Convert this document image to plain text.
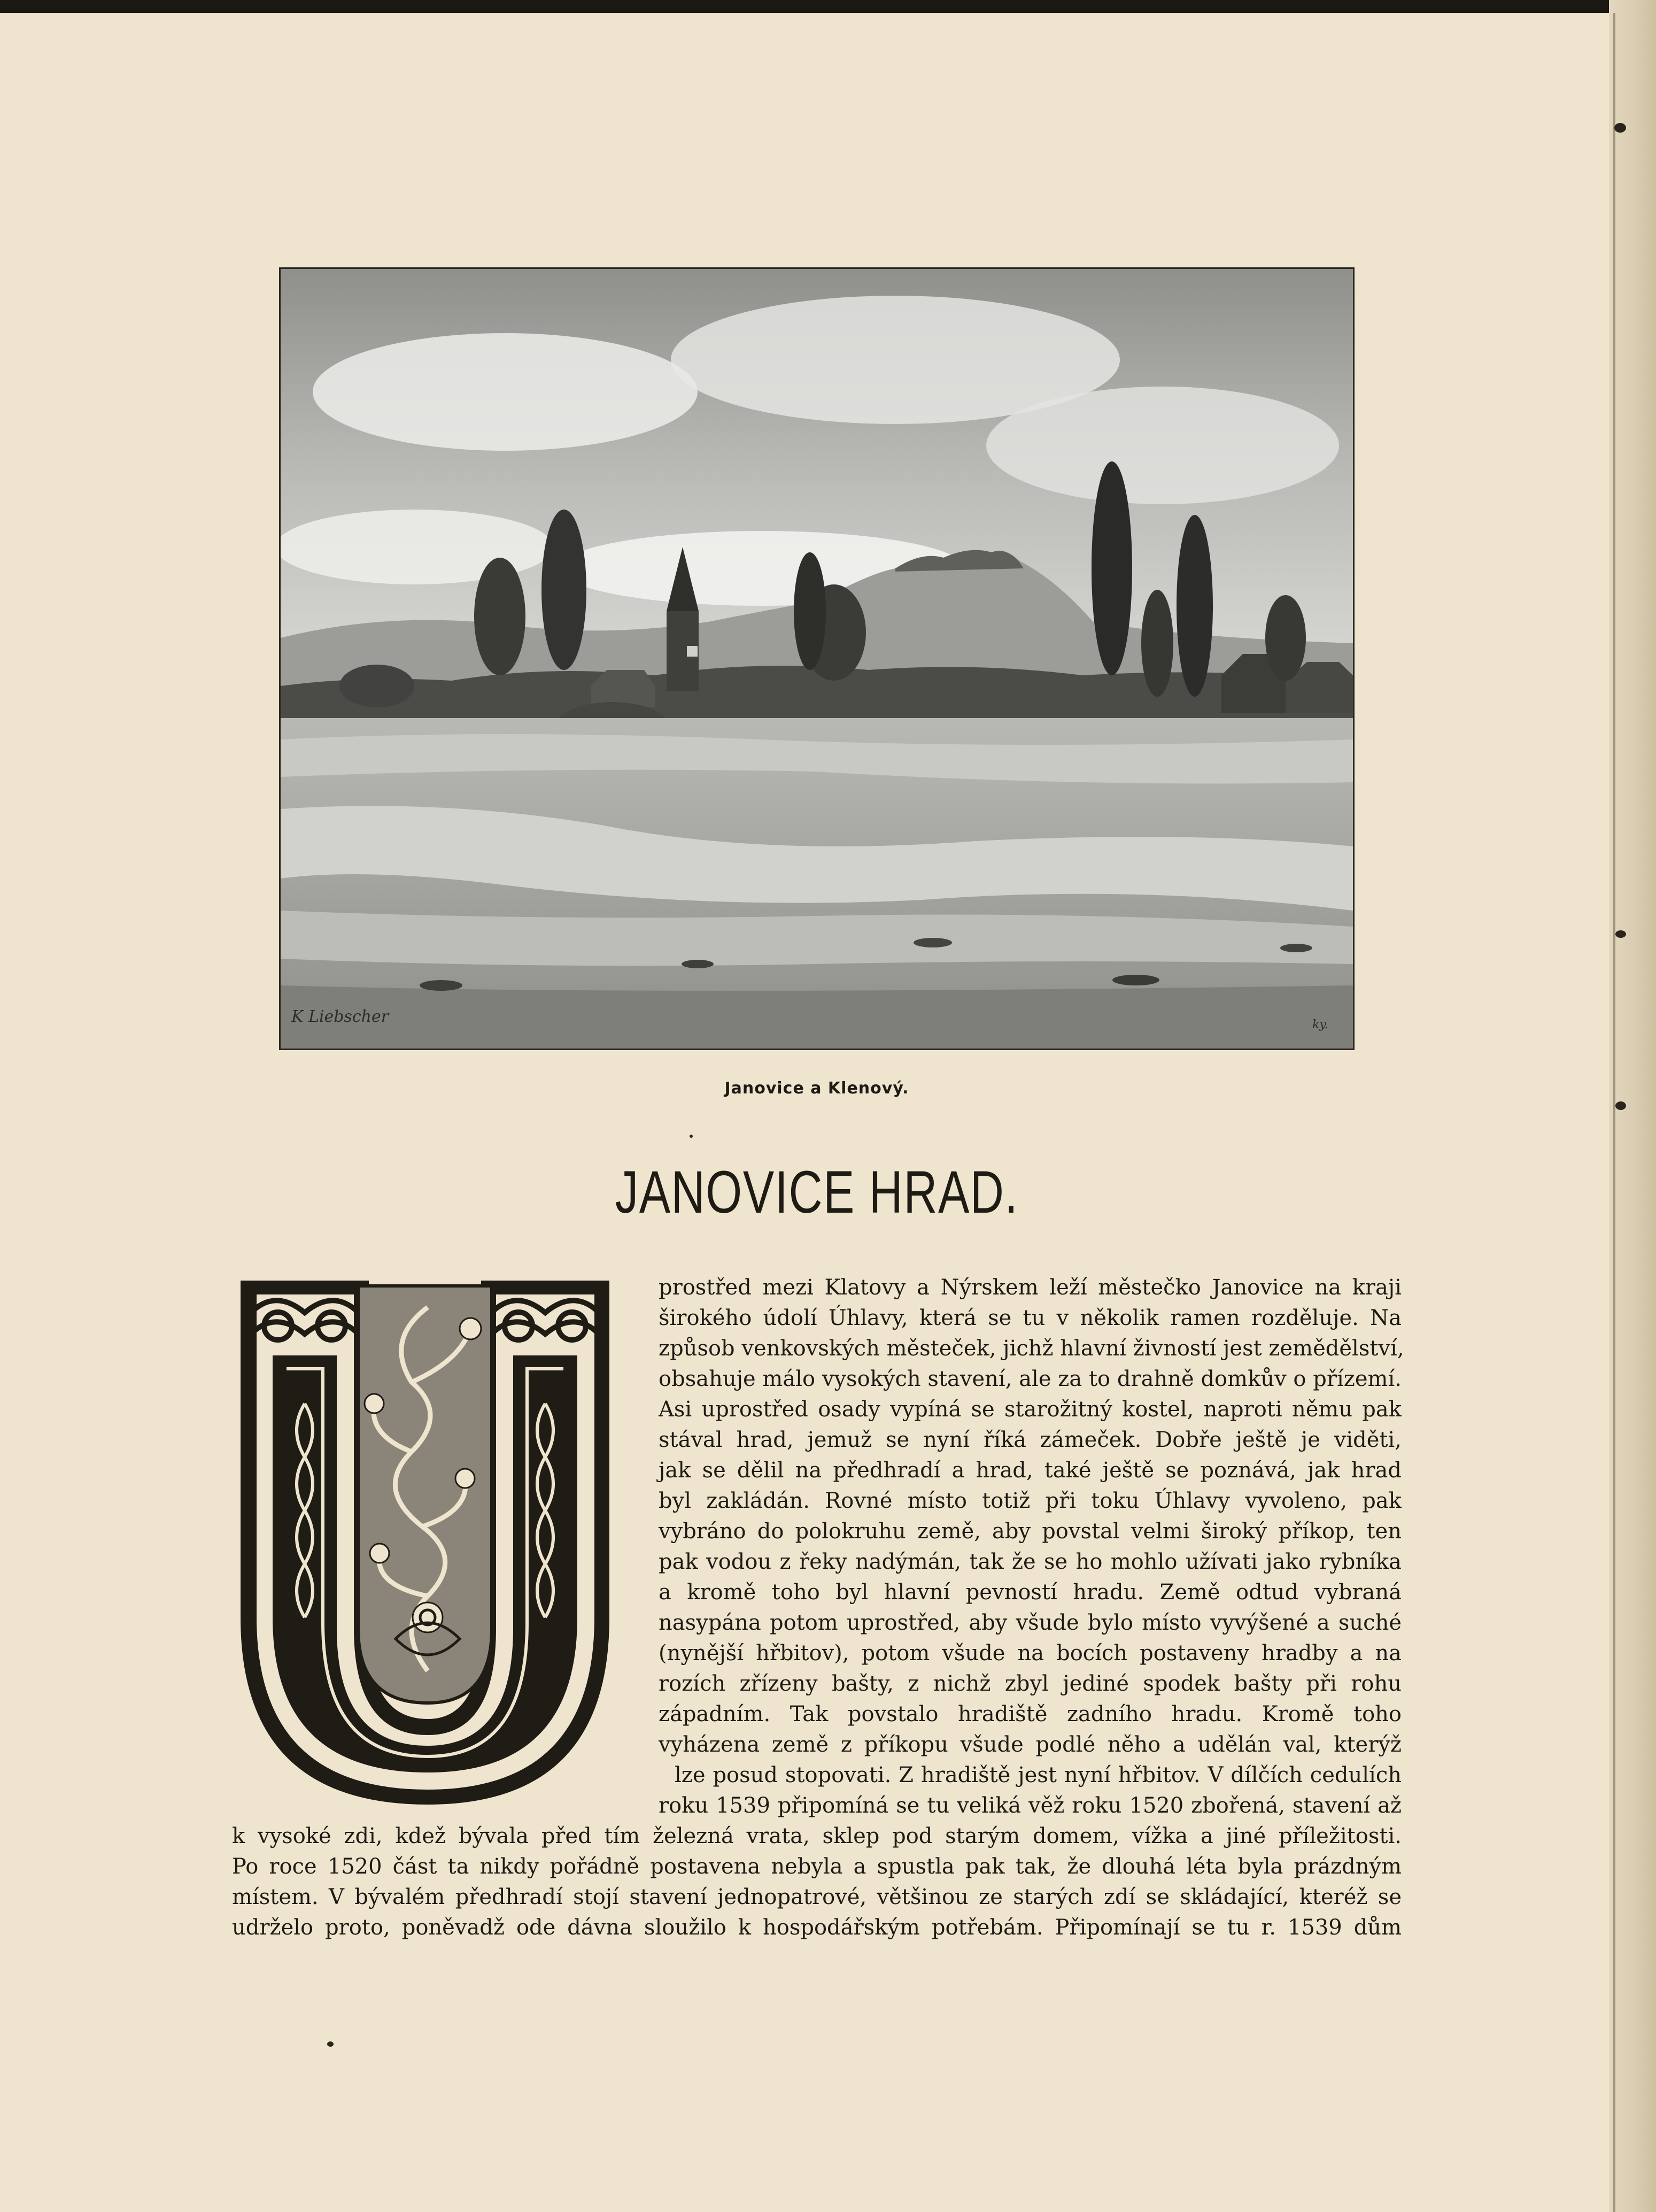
K Liebscher	ky.
Janovice a Klenový.
JANOVICE HRAD.
prostřed mezi Klatovy a Nýrskem leží městečko Janovice na kraji
širokého údolí Úhlavy, která se tu v několik ramen rozděluje. Na
způsob venkovských městeček, jichž hlavní živností jest zemědělství,
obsahuje málo vysokých stavení, ale za to drahně domkův o přízemí.
Asi uprostřed osady vypíná se starožitný kostel, naproti němu pak
stával hrad, jemuž se nyní říká zámeček. Dobře ještě je viděti,
jak se dělil na předhradí a hrad, také ještě se poznává, jak hrad
byl zakládán. Rovné místo totiž při toku Úhlavy vyvoleno, pak
vybráno do polokruhu země, aby povstal velmi široký příkop, ten
pak vodou z řeky nadýmán, tak že se ho mohlo užívati jako rybníka
a kromě toho byl hlavní pevností hradu. Země odtud vybraná
nasypána potom uprostřed, aby všude bylo místo vyvýšené a suché
(nynější hřbitov), potom všude na bocích postaveny hradby a na
rozích zřízeny bašty, z nichž zbyl jediné spodek bašty při rohu
západním. Tak povstalo hradiště zadního hradu. Kromě toho
vyházena země z příkopu všude podlé něho a udělán val, kterýž
lze posud stopovati. Z hradiště jest nyní hřbitov. V dílčích cedulích
roku 1539 připomíná se tu veliká věž roku 1520 zbořená, stavení až
k vysoké zdi, kdež bývala před tím železná vrata, sklep pod starým domem, vížka a jiné příležitosti.
Po roce 1520 část ta nikdy pořádně postavena nebyla a spustla pak tak, že dlouhá léta byla prázdným
místem. V bývalém předhradí stojí stavení jednopatrové, většinou ze starých zdí se skládající, kteréž se
udrželo proto, poněvadž ode dávna sloužilo k hospodářským potřebám. Připomínají se tu r. 1539 dům
